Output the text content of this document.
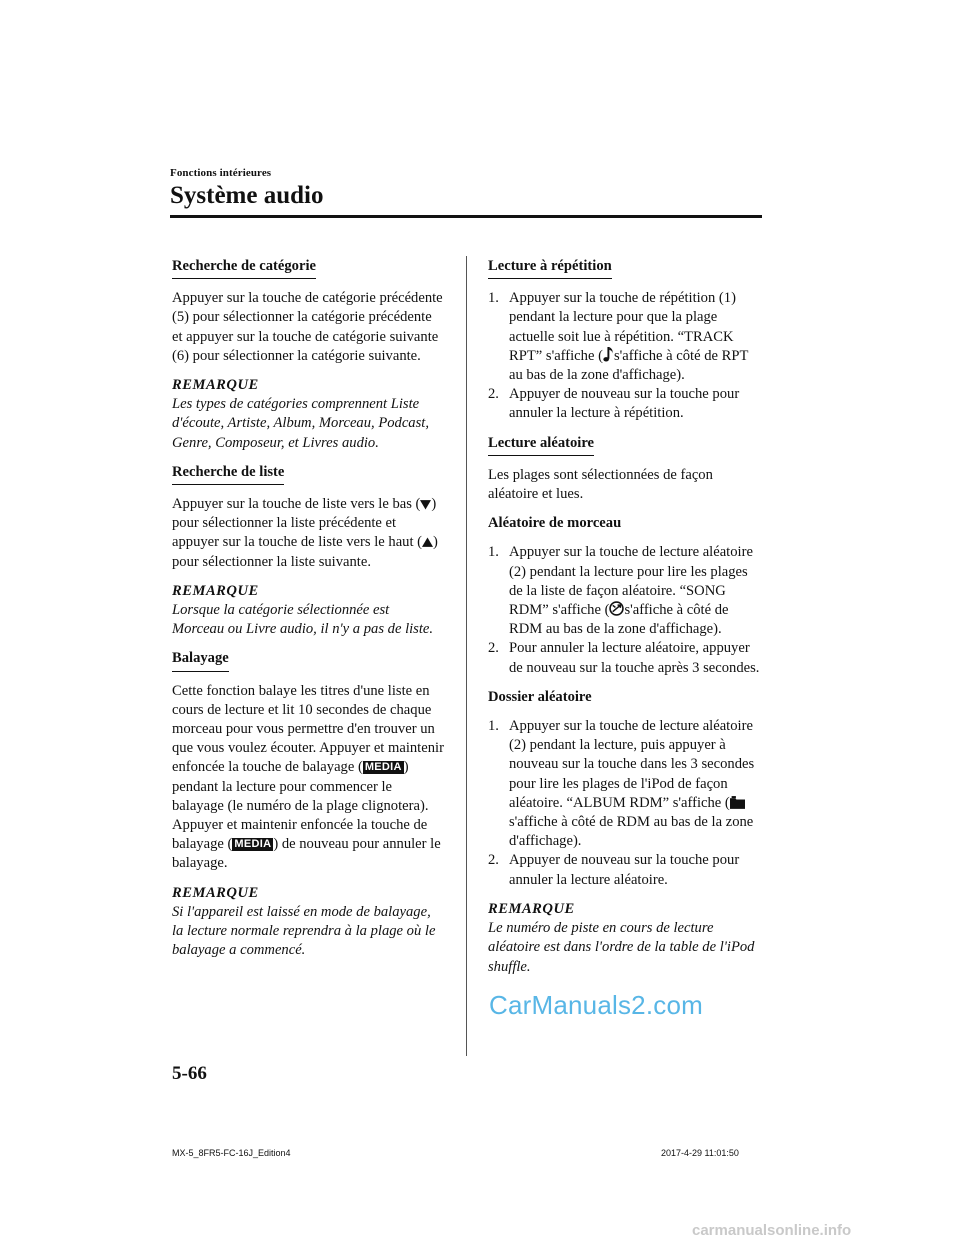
Fonctions intérieures
Système audio
Recherche de catégorie

Appuyer sur la touche de catégorie précédente (5) pour sélectionner la catégorie précédente et appuyer sur la touche de catégorie suivante (6) pour sélectionner la catégorie suivante.

REMARQUE

Les types de catégories comprennent Liste d'écoute, Artiste, Album, Morceau, Podcast, Genre, Composeur, et Livres audio.

Recherche de liste

Appuyer sur la touche de liste vers le bas ( ) pour sélectionner la liste précédente et appuyer sur la touche de liste vers le haut ( ) pour sélectionner la liste suivante.

REMARQUE

Lorsque la catégorie sélectionnée est Morceau ou Livre audio, il n'y a pas de liste.

Balayage

Cette fonction balaye les titres d'une liste en cours de lecture et lit 10 secondes de chaque morceau pour vous permettre d'en trouver un que vous voulez écouter. Appuyer et maintenir enfoncée la touche de balayage ( MEDIA ) pendant la lecture pour commencer le balayage (le numéro de la plage clignotera). Appuyer et maintenir enfoncée la touche de balayage ( MEDIA ) de nouveau pour annuler le balayage.

REMARQUE

Si l'appareil est laissé en mode de balayage, la lecture normale reprendra à la plage où le balayage a commencé.

Lecture à répétition
1. Appuyer sur la touche de répétition (1) pendant la lecture pour que la plage actuelle soit lue à répétition. “TRACK RPT” s'affiche ( s'affiche à côté de RPT au bas de la zone d'affichage).
2. Appuyer de nouveau sur la touche pour annuler la lecture à répétition.
Lecture aléatoire

Les plages sont sélectionnées de façon aléatoire et lues.

Aléatoire de morceau

1. Appuyer sur la touche de lecture aléatoire (2) pendant la lecture pour lire les plages de la liste de façon aléatoire. “SONG RDM” s'affiche ( s'affiche à côté de RDM au bas de la zone d'affichage).
2. Pour annuler la lecture aléatoire, appuyer de nouveau sur la touche après 3 secondes.

Dossier aléatoire

1. Appuyer sur la touche de lecture aléatoire (2) pendant la lecture, puis appuyer à nouveau sur la touche dans les 3 secondes pour lire les plages de l'iPod de façon aléatoire. “ALBUM RDM” s'affiche (s'affiche à côté de RDM au bas de la zone d'affichage).
2. Appuyer de nouveau sur la touche pour annuler la lecture aléatoire.

REMARQUE

Le numéro de piste en cours de lecture aléatoire est dans l'ordre de la table de l'iPod shuffle.

CarManuals2.com
5-66
MX-5_8FR5-FC-16J_Edition4	2017-4-29 11:01:50
carmanualsonline.info
